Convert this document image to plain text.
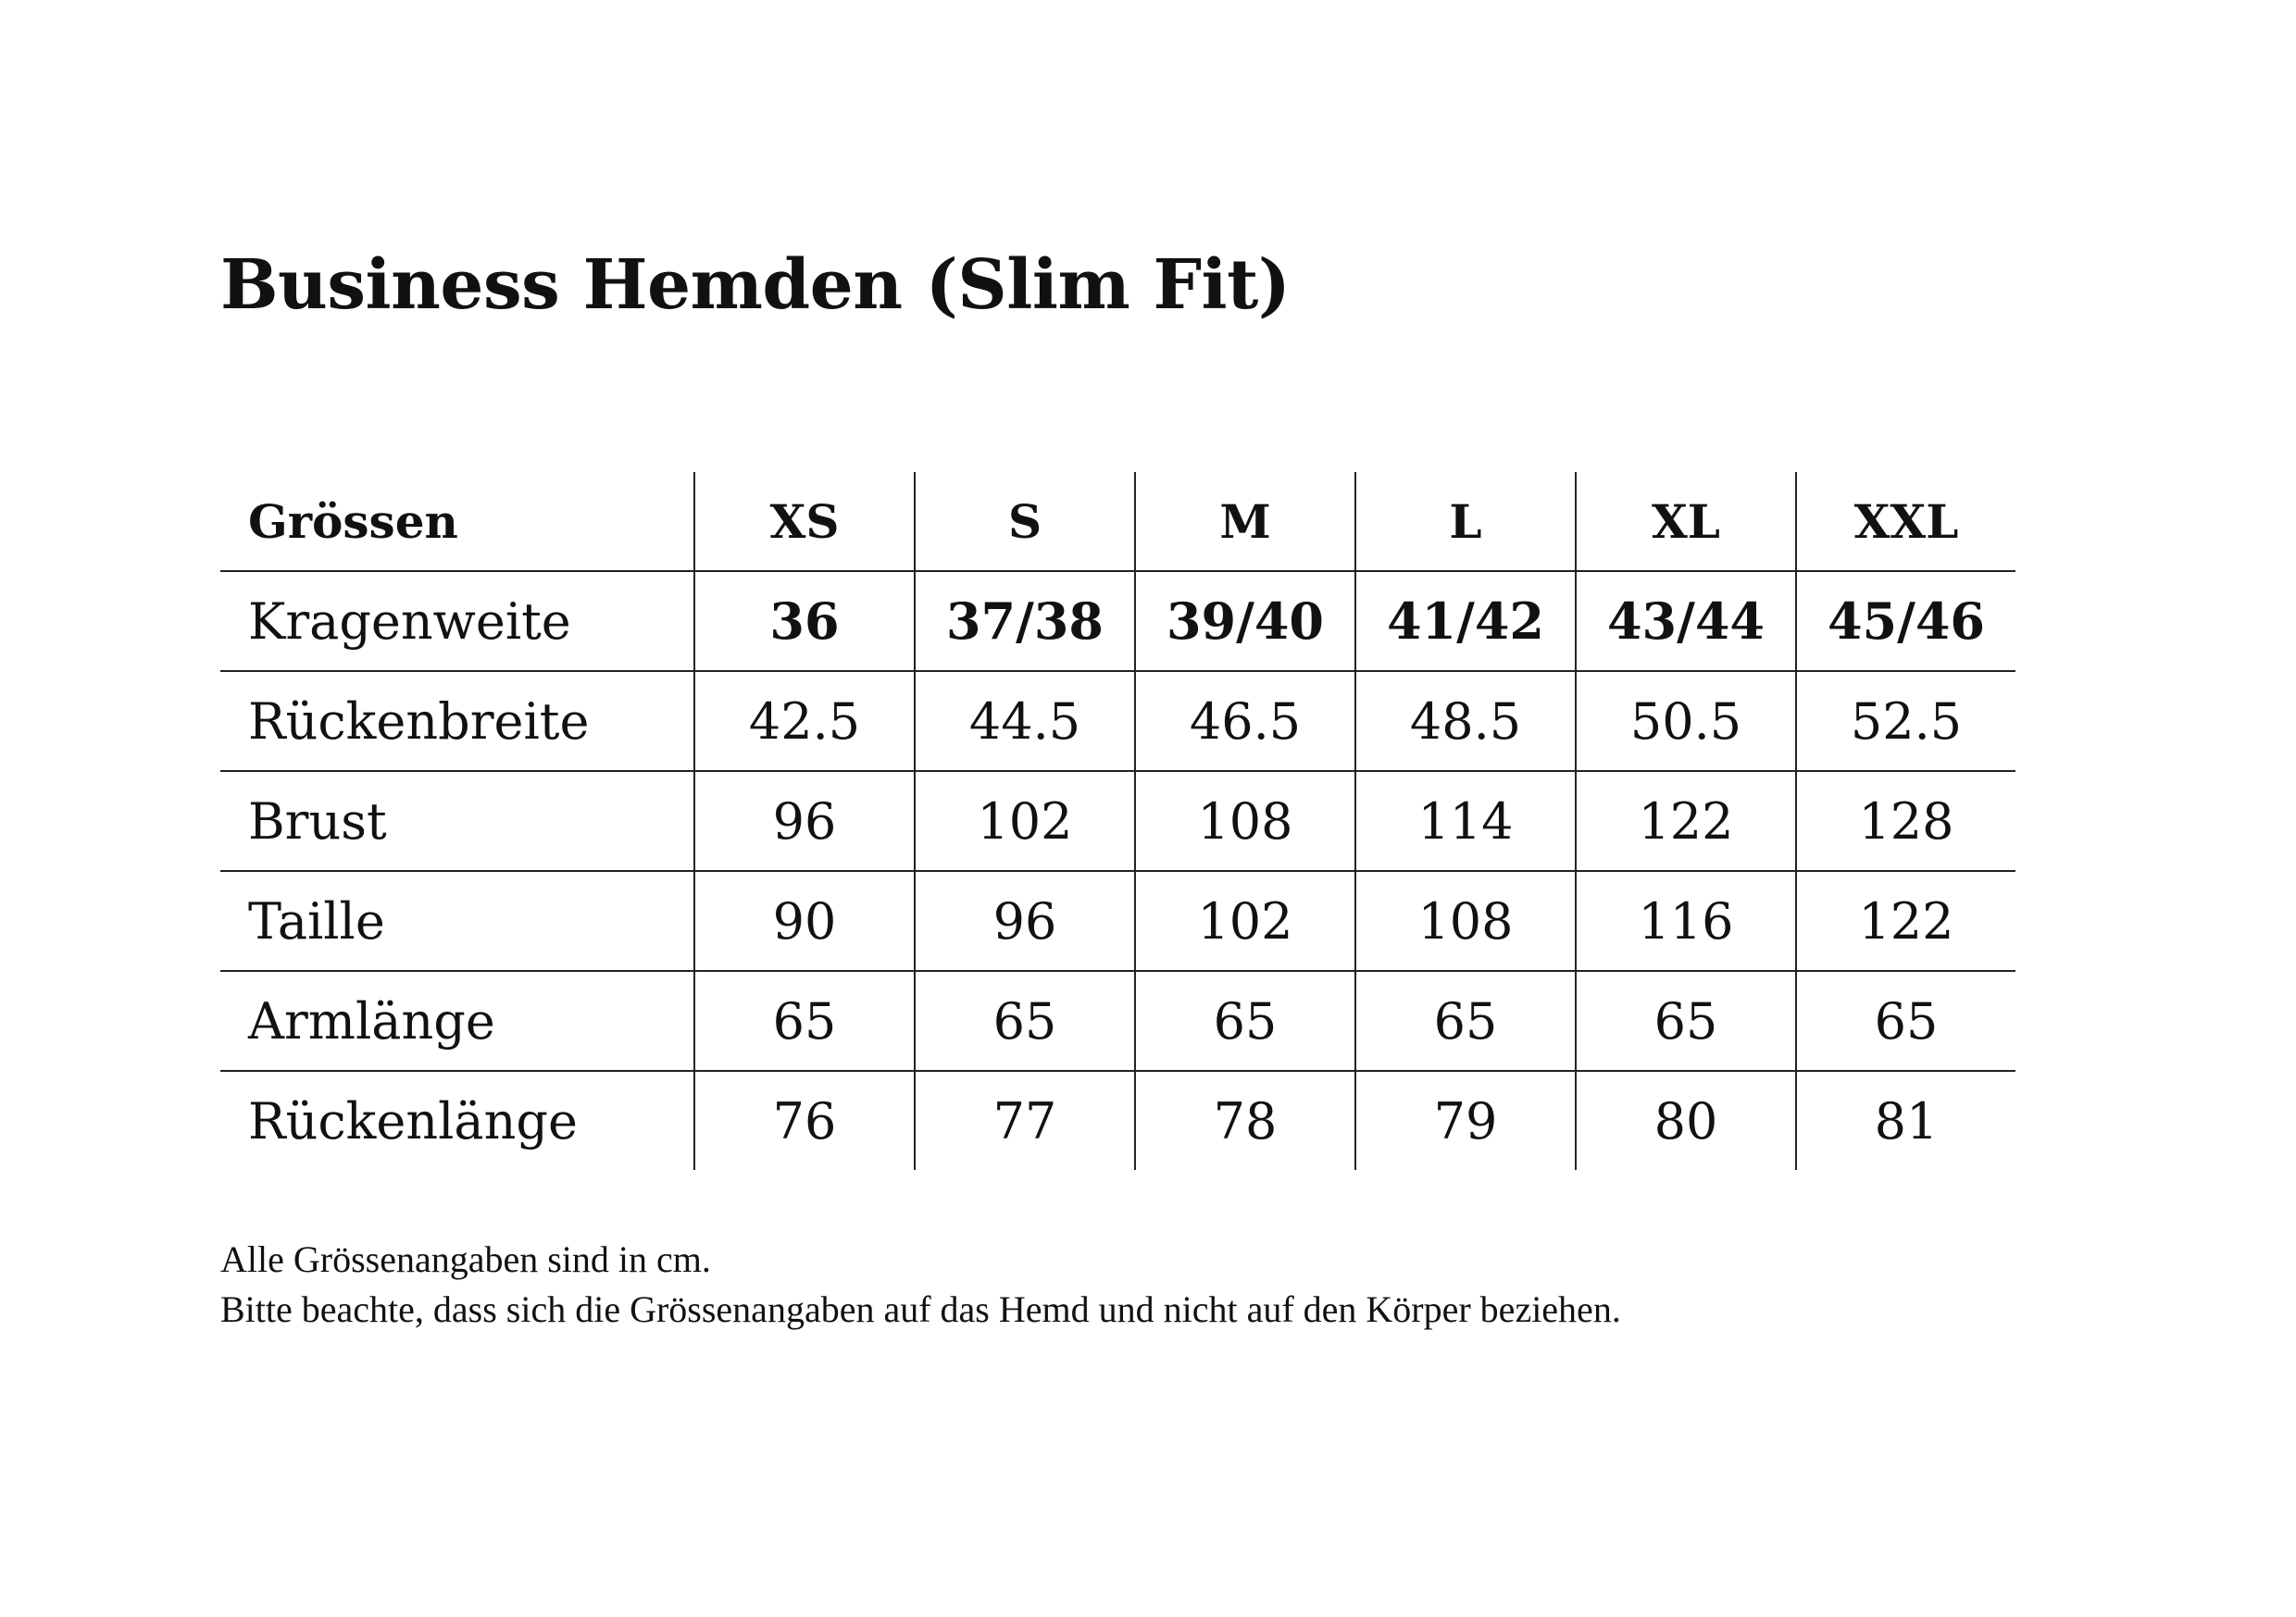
Business Hemden (Slim Fit)
Grössen	XS	S	M	L	XL	XXL
Kragenweite	36	37/38	39/40	41/42	43/44	45/46
Rückenbreite	42.5	44.5	46.5	48.5	50.5	52.5
Brust	96	102	108	114	122	128
Taille	90	96	102	108	116	122
Armlänge	65	65	65	65	65	65
Rückenlänge	76	77	78	79	80	81

Alle Grössenangaben sind in cm.

Bitte beachte, dass sich die Grössenangaben auf das Hemd und nicht auf den Körper beziehen.
